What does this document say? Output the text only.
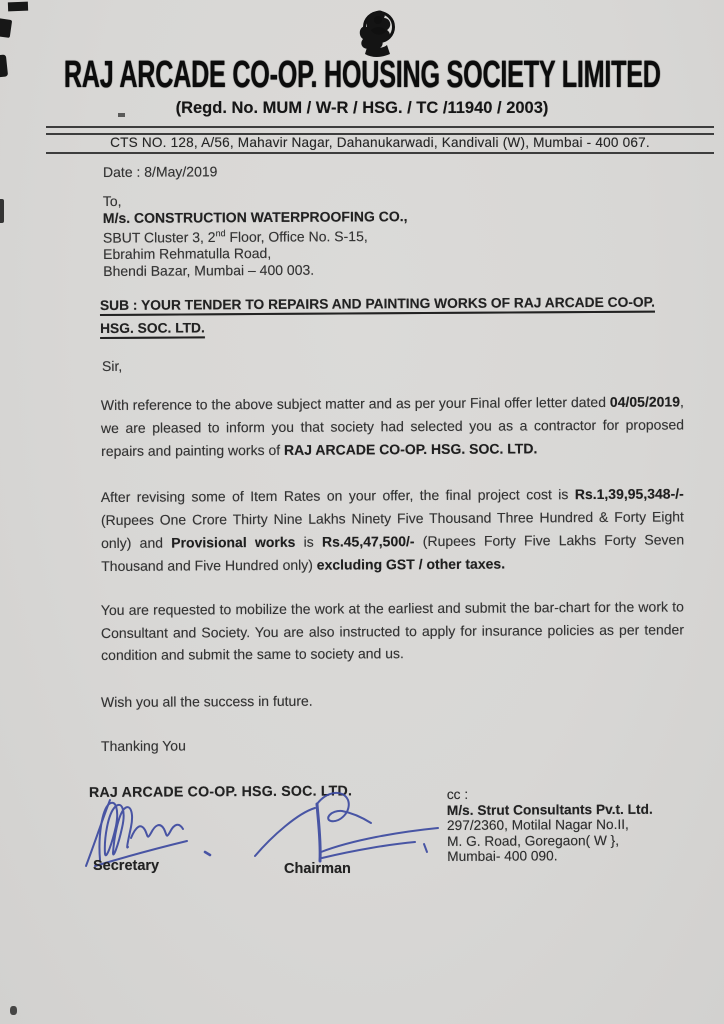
RAJ ARCADE CO-OP. HOUSING SOCIETY LIMITED
(Regd. No. MUM / W-R / HSG. / TC /11940 / 2003)
CTS NO. 128, A/56, Mahavir Nagar, Dahanukarwadi, Kandivali (W), Mumbai - 400 067.
Date : 8/May/2019
To,
M/s. CONSTRUCTION WATERPROOFING CO.,
SBUT Cluster 3, 2nd Floor, Office No. S-15,
Ebrahim Rehmatulla Road,
Bhendi Bazar, Mumbai – 400 003.
SUB : YOUR TENDER TO REPAIRS AND PAINTING WORKS OF RAJ ARCADE CO-OP. HSG. SOC. LTD.
Sir,
With reference to the above subject matter and as per your Final offer letter dated 04/05/2019, we are pleased to inform you that society had selected you as a contractor for proposed repairs and painting works of RAJ ARCADE CO-OP. HSG. SOC. LTD.
After revising some of Item Rates on your offer, the final project cost is Rs.1,39,95,348-/- (Rupees One Crore Thirty Nine Lakhs Ninety Five Thousand Three Hundred & Forty Eight only) and Provisional works is Rs.45,47,500/- (Rupees Forty Five Lakhs Forty Seven Thousand and Five Hundred only) excluding GST / other taxes.
You are requested to mobilize the work at the earliest and submit the bar-chart for the work to Consultant and Society. You are also instructed to apply for insurance policies as per tender condition and submit the same to society and us.
Wish you all the success in future.
Thanking You
RAJ ARCADE CO-OP. HSG. SOC. LTD.
Secretary	Chairman
cc :
M/s. Strut Consultants Pv.t. Ltd.
297/2360, Motilal Nagar No.II,
M. G. Road, Goregaon( W },
Mumbai- 400 090.
